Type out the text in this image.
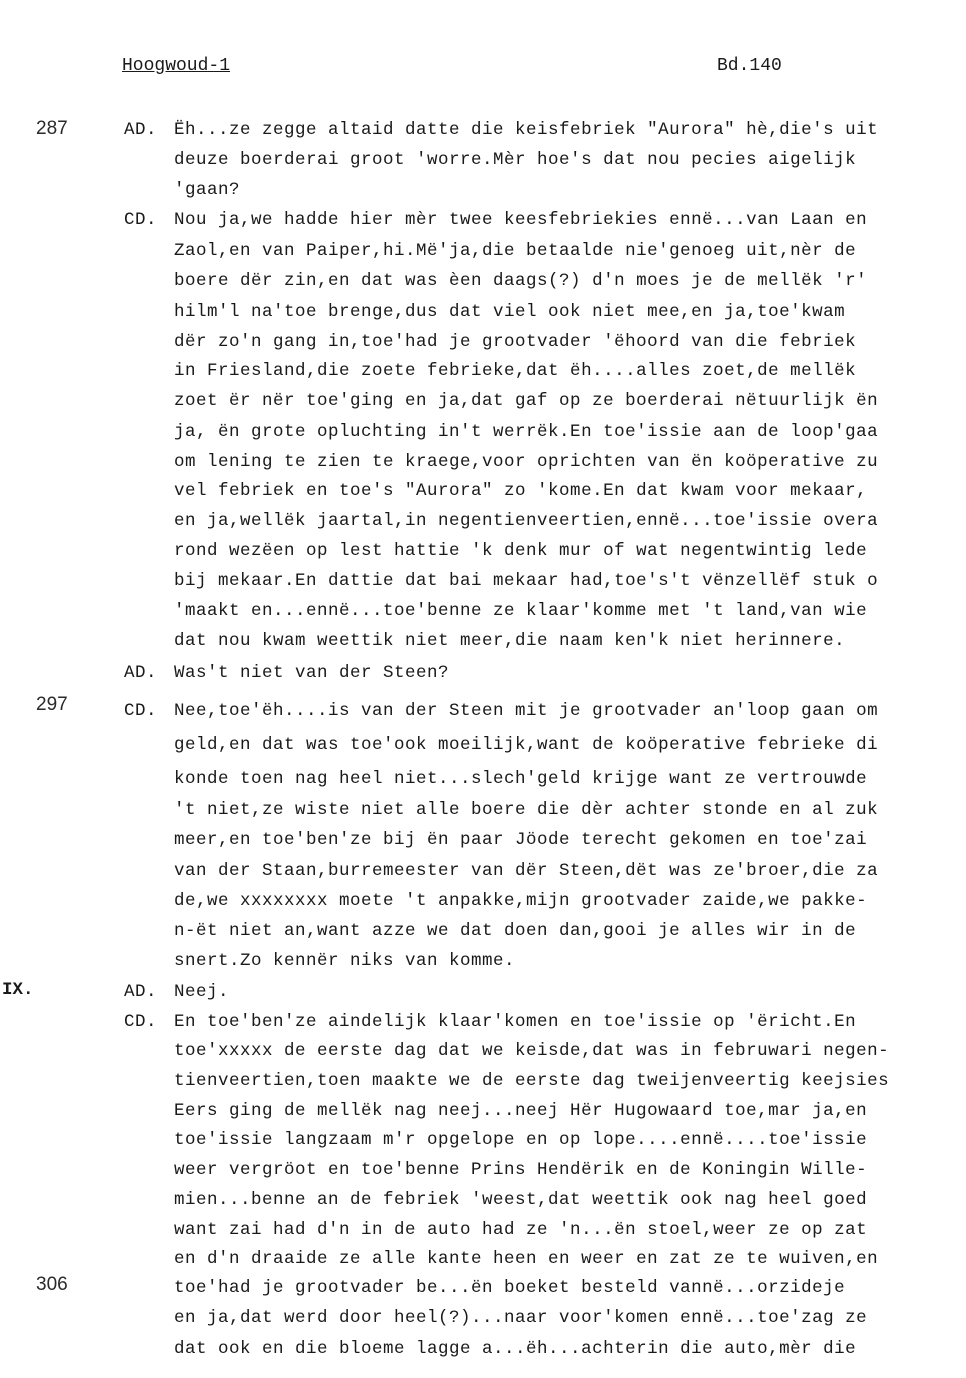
Hoogwoud-1	Bd.140
287
297
306
IX.
AD.
CD.
AD.
CD.
AD.
CD.
Ëh...ze zegge altaid datte die keisfebriek "Aurora" hè,die's uit
deuze boerderai groot 'worre.Mèr hoe's dat nou pecies aigelijk
'gaan?
Nou ja,we hadde hier mèr twee keesfebriekies ennë...van Laan en
Zaol,en van Paiper,hi.Më'ja,die betaalde nie'genoeg uit,nèr de
boere dër zin,en dat was èen daags(?) d'n moes je de mellëk 'r'
hilm'l na'toe brenge,dus dat viel ook niet mee,en ja,toe'kwam
dër zo'n gang in,toe'had je grootvader 'ëhoord van die febriek
in Friesland,die zoete febrieke,dat ëh....alles zoet,de mellëk
zoet ër nër toe'ging en ja,dat gaf op ze boerderai nëtuurlijk ën
ja, ën grote opluchting in't werrëk.En toe'issie aan de loop'gaa
om lening te zien te kraege,voor oprichten van ën koöperative zu
vel febriek en toe's "Aurora" zo 'kome.En dat kwam voor mekaar,
en ja,wellëk jaartal,in negentienveertien,ennë...toe'issie overa
rond wezëen op lest hattie 'k denk mur of wat negentwintig lede
bij mekaar.En dattie dat bai mekaar had,toe's't vënzellëf stuk o
'maakt en...ennë...toe'benne ze klaar'komme met 't land,van wie
dat nou kwam weettik niet meer,die naam ken'k niet herinnere.
Was't niet van der Steen?
Nee,toe'ëh....is van der Steen mit je grootvader an'loop gaan om
geld,en dat was toe'ook moeilijk,want de koöperative febrieke di
konde toen nag heel niet...slech'geld krijge want ze vertrouwde
't niet,ze wiste niet alle boere die dèr achter stonde en al zuk
meer,en toe'ben'ze bij ën paar Jöode terecht gekomen en toe'zai
van der Staan,burremeester van dër Steen,dët was ze'broer,die za
de,we xxxxxxxx moete 't anpakke,mijn grootvader zaide,we pakke-
n-ët niet an,want azze we dat doen dan,gooi je alles wir in de
snert.Zo kennër niks van komme.
Neej.
En toe'ben'ze aindelijk klaar'komen en toe'issie op 'ëricht.En
toe'xxxxx de eerste dag dat we keisde,dat was in februwari negen-
tienveertien,toen maakte we de eerste dag tweijenveertig keejsies
Eers ging de mellëk nag neej...neej Hër Hugowaard toe,mar ja,en
toe'issie langzaam m'r opgelope en op lope....ennë....toe'issie
weer vergröot en toe'benne Prins Hendërik en de Koningin Wille-
mien...benne an de febriek 'weest,dat weettik ook nag heel goed
want zai had d'n in de auto had ze 'n...ën stoel,weer ze op zat
en d'n draaide ze alle kante heen en weer en zat ze te wuiven,en
toe'had je grootvader be...ën boeket besteld vannë...orzideje
en ja,dat werd door heel(?)...naar voor'komen ennë...toe'zag ze
dat ook en die bloeme lagge a...ëh...achterin die auto,mèr die
